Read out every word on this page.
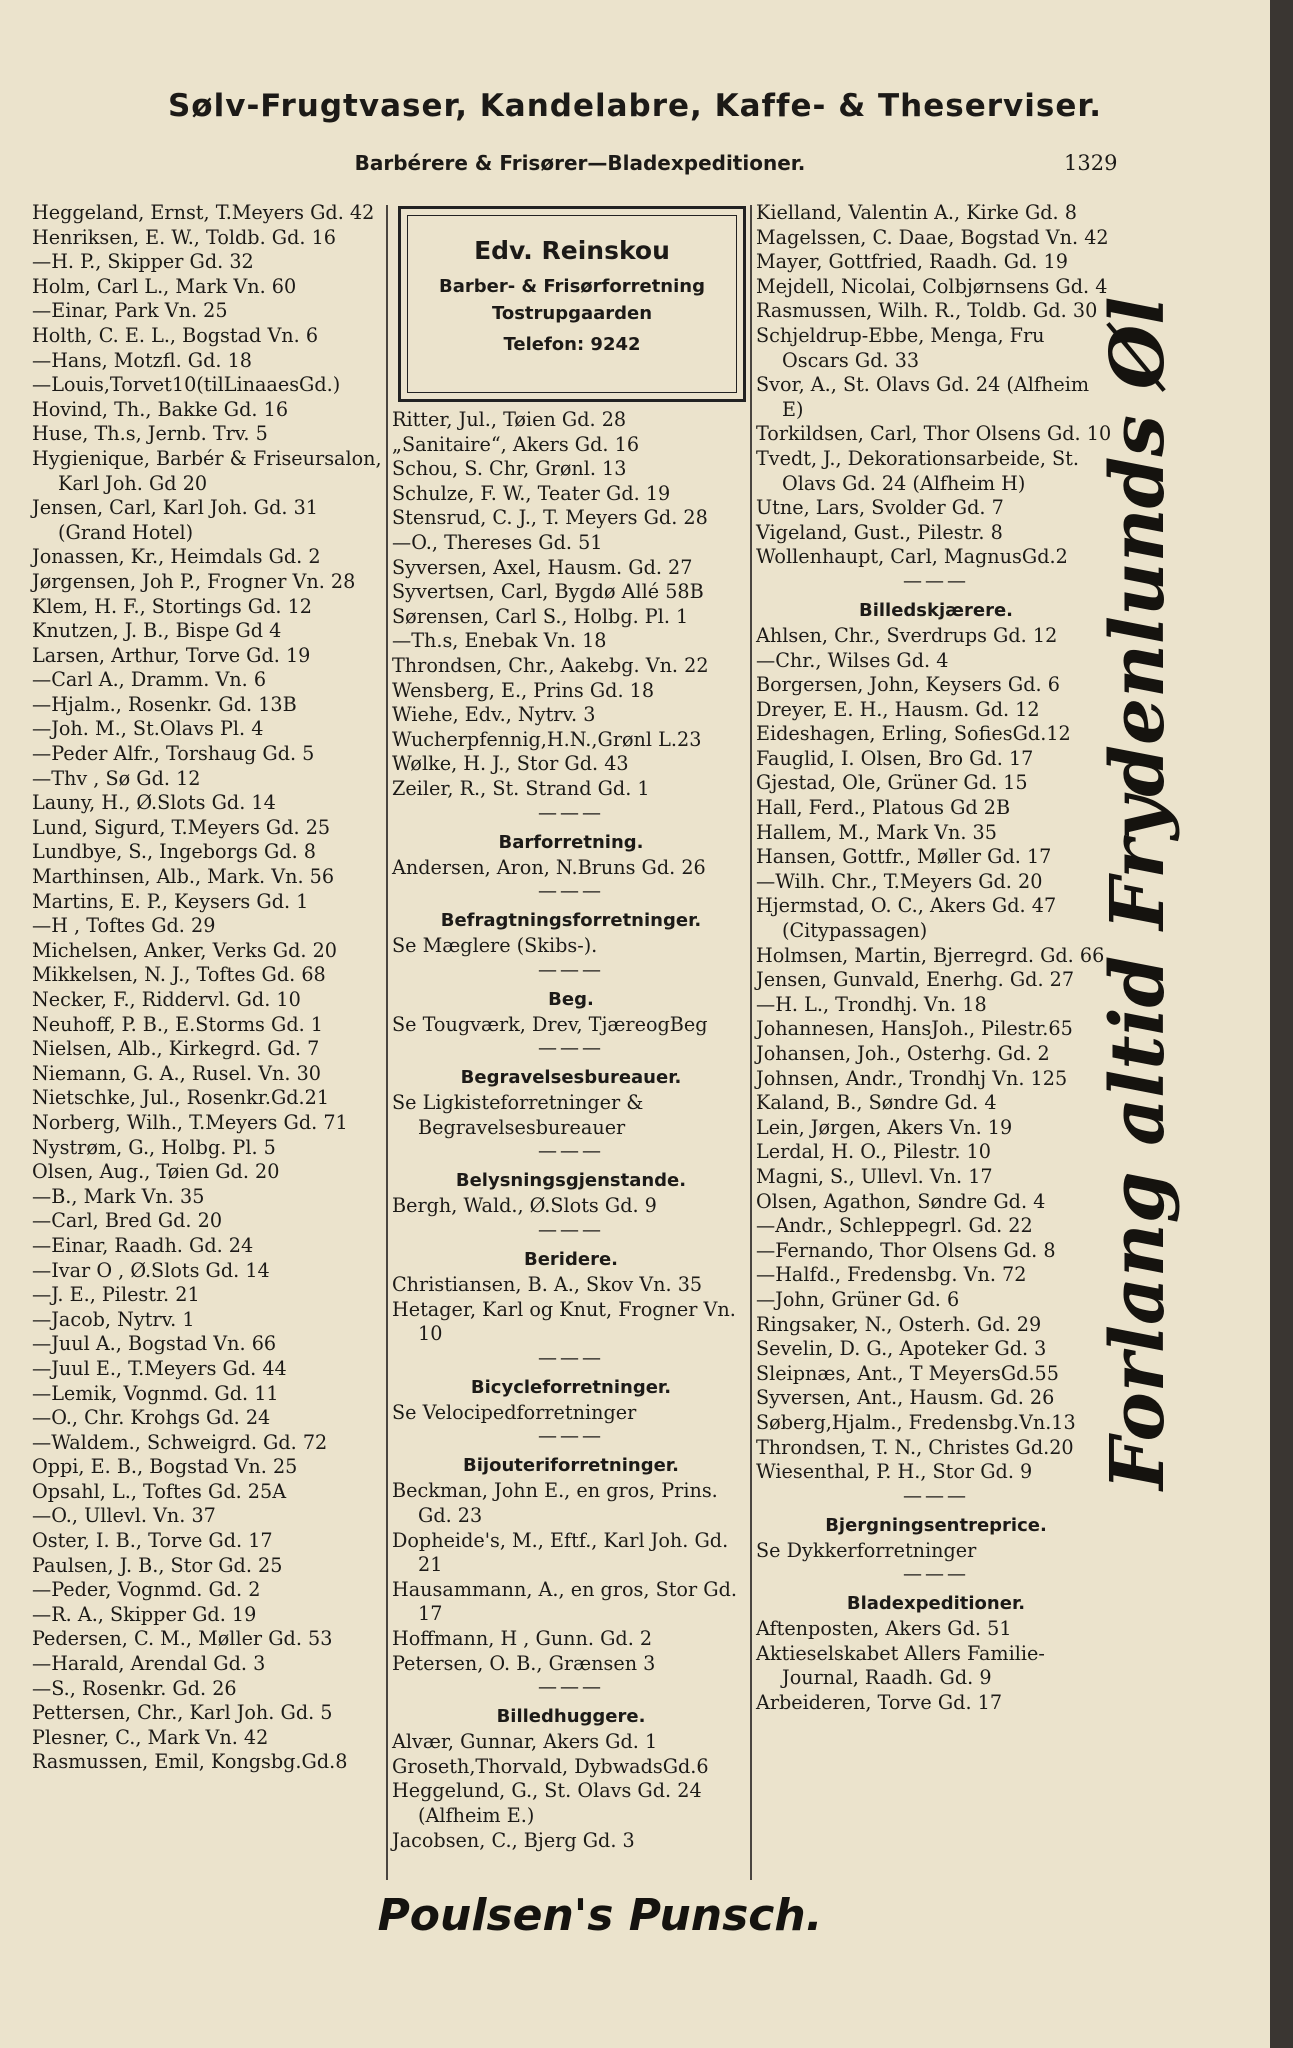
Sølv-Frugtvaser, Kandelabre, Kaffe- & Theserviser.
Barbérere & Frisører—Bladexpeditioner.	1329
Edv. Reinskou
Barber- & Frisørforretning
Tostrupgaarden
Telefon: 9242
Heggeland, Ernst, T.Meyers Gd. 42
Henriksen, E. W., Toldb. Gd. 16
—H. P., Skipper Gd. 32
Holm, Carl L., Mark Vn. 60
—Einar, Park Vn. 25
Holth, C. E. L., Bogstad Vn. 6
—Hans, Motzfl. Gd. 18
—Louis,Torvet10(tilLinaaesGd.)
Hovind, Th., Bakke Gd. 16
Huse, Th.s, Jernb. Trv. 5
Hygienique, Barbér & Friseursalon, Karl Joh. Gd 20
Jensen, Carl, Karl Joh. Gd. 31 (Grand Hotel)
Jonassen, Kr., Heimdals Gd. 2
Jørgensen, Joh P., Frogner Vn. 28
Klem, H. F., Stortings Gd. 12
Knutzen, J. B., Bispe Gd 4
Larsen, Arthur, Torve Gd. 19
—Carl A., Dramm. Vn. 6
—Hjalm., Rosenkr. Gd. 13B
—Joh. M., St.Olavs Pl. 4
—Peder Alfr., Torshaug Gd. 5
—Thv , Sø Gd. 12
Launy, H., Ø.Slots Gd. 14
Lund, Sigurd, T.Meyers Gd. 25
Lundbye, S., Ingeborgs Gd. 8
Marthinsen, Alb., Mark. Vn. 56
Martins, E. P., Keysers Gd. 1
—H , Toftes Gd. 29
Michelsen, Anker, Verks Gd. 20
Mikkelsen, N. J., Toftes Gd. 68
Necker, F., Riddervl. Gd. 10
Neuhoff, P. B., E.Storms Gd. 1
Nielsen, Alb., Kirkegrd. Gd. 7
Niemann, G. A., Rusel. Vn. 30
Nietschke, Jul., Rosenkr.Gd.21
Norberg, Wilh., T.Meyers Gd. 71
Nystrøm, G., Holbg. Pl. 5
Olsen, Aug., Tøien Gd. 20
—B., Mark Vn. 35
—Carl, Bred Gd. 20
—Einar, Raadh. Gd. 24
—Ivar O , Ø.Slots Gd. 14
—J. E., Pilestr. 21
—Jacob, Nytrv. 1
—Juul A., Bogstad Vn. 66
—Juul E., T.Meyers Gd. 44
—Lemik, Vognmd. Gd. 11
—O., Chr. Krohgs Gd. 24
—Waldem., Schweigrd. Gd. 72
Oppi, E. B., Bogstad Vn. 25
Opsahl, L., Toftes Gd. 25A
—O., Ullevl. Vn. 37
Oster, I. B., Torve Gd. 17
Paulsen, J. B., Stor Gd. 25
—Peder, Vognmd. Gd. 2
—R. A., Skipper Gd. 19
Pedersen, C. M., Møller Gd. 53
—Harald, Arendal Gd. 3
—S., Rosenkr. Gd. 26
Pettersen, Chr., Karl Joh. Gd. 5
Plesner, C., Mark Vn. 42
Rasmussen, Emil, Kongsbg.Gd.8
Ritter, Jul., Tøien Gd. 28
„Sanitaire“, Akers Gd. 16
Schou, S. Chr, Grønl. 13
Schulze, F. W., Teater Gd. 19
Stensrud, C. J., T. Meyers Gd. 28
—O., Thereses Gd. 51
Syversen, Axel, Hausm. Gd. 27
Syvertsen, Carl, Bygdø Allé 58B
Sørensen, Carl S., Holbg. Pl. 1
—Th.s, Enebak Vn. 18
Throndsen, Chr., Aakebg. Vn. 22
Wensberg, E., Prins Gd. 18
Wiehe, Edv., Nytrv. 3
Wucherpfennig,H.N.,Grønl L.23
Wølke, H. J., Stor Gd. 43
Zeiler, R., St. Strand Gd. 1
———
Barforretning.
Andersen, Aron, N.Bruns Gd. 26
———
Befragtningsforretninger.
Se Mæglere (Skibs-).
———
Beg.
Se Tougværk, Drev, TjæreogBeg
———
Begravelsesbureauer.
Se Ligkisteforretninger & Begravelsesbureauer
———
Belysningsgjenstande.
Bergh, Wald., Ø.Slots Gd. 9
———
Beridere.
Christiansen, B. A., Skov Vn. 35
Hetager, Karl og Knut, Frogner Vn. 10
———
Bicycleforretninger.
Se Velocipedforretninger
———
Bijouteriforretninger.
Beckman, John E., en gros, Prins. Gd. 23
Dopheide's, M., Eftf., Karl Joh. Gd. 21
Hausammann, A., en gros, Stor Gd. 17
Hoffmann, H , Gunn. Gd. 2
Petersen, O. B., Grænsen 3
———
Billedhuggere.
Alvær, Gunnar, Akers Gd. 1
Groseth,Thorvald, DybwadsGd.6
Heggelund, G., St. Olavs Gd. 24 (Alfheim E.)
Jacobsen, C., Bjerg Gd. 3
Kielland, Valentin A., Kirke Gd. 8
Magelssen, C. Daae, Bogstad Vn. 42
Mayer, Gottfried, Raadh. Gd. 19
Mejdell, Nicolai, Colbjørnsens Gd. 4
Rasmussen, Wilh. R., Toldb. Gd. 30
Schjeldrup-Ebbe, Menga, Fru Oscars Gd. 33
Svor, A., St. Olavs Gd. 24 (Alfheim E)
Torkildsen, Carl, Thor Olsens Gd. 10
Tvedt, J., Dekorationsarbeide, St. Olavs Gd. 24 (Alfheim H)
Utne, Lars, Svolder Gd. 7
Vigeland, Gust., Pilestr. 8
Wollenhaupt, Carl, MagnusGd.2
———
Billedskjærere.
Ahlsen, Chr., Sverdrups Gd. 12
—Chr., Wilses Gd. 4
Borgersen, John, Keysers Gd. 6
Dreyer, E. H., Hausm. Gd. 12
Eideshagen, Erling, SofiesGd.12
Fauglid, I. Olsen, Bro Gd. 17
Gjestad, Ole, Grüner Gd. 15
Hall, Ferd., Platous Gd 2B
Hallem, M., Mark Vn. 35
Hansen, Gottfr., Møller Gd. 17
—Wilh. Chr., T.Meyers Gd. 20
Hjermstad, O. C., Akers Gd. 47 (Citypassagen)
Holmsen, Martin, Bjerregrd. Gd. 66
Jensen, Gunvald, Enerhg. Gd. 27
—H. L., Trondhj. Vn. 18
Johannesen, HansJoh., Pilestr.65
Johansen, Joh., Osterhg. Gd. 2
Johnsen, Andr., Trondhj Vn. 125
Kaland, B., Søndre Gd. 4
Lein, Jørgen, Akers Vn. 19
Lerdal, H. O., Pilestr. 10
Magni, S., Ullevl. Vn. 17
Olsen, Agathon, Søndre Gd. 4
—Andr., Schleppegrl. Gd. 22
—Fernando, Thor Olsens Gd. 8
—Halfd., Fredensbg. Vn. 72
—John, Grüner Gd. 6
Ringsaker, N., Osterh. Gd. 29
Sevelin, D. G., Apoteker Gd. 3
Sleipnæs, Ant., T MeyersGd.55
Syversen, Ant., Hausm. Gd. 26
Søberg,Hjalm., Fredensbg.Vn.13
Throndsen, T. N., Christes Gd.20
Wiesenthal, P. H., Stor Gd. 9
———
Bjergningsentreprice.
Se Dykkerforretninger
———
Bladexpeditioner.
Aftenposten, Akers Gd. 51
Aktieselskabet Allers Familie-Journal, Raadh. Gd. 9
Arbeideren, Torve Gd. 17
Forlang altid Frydenlunds Øl
Poulsen's Punsch.
